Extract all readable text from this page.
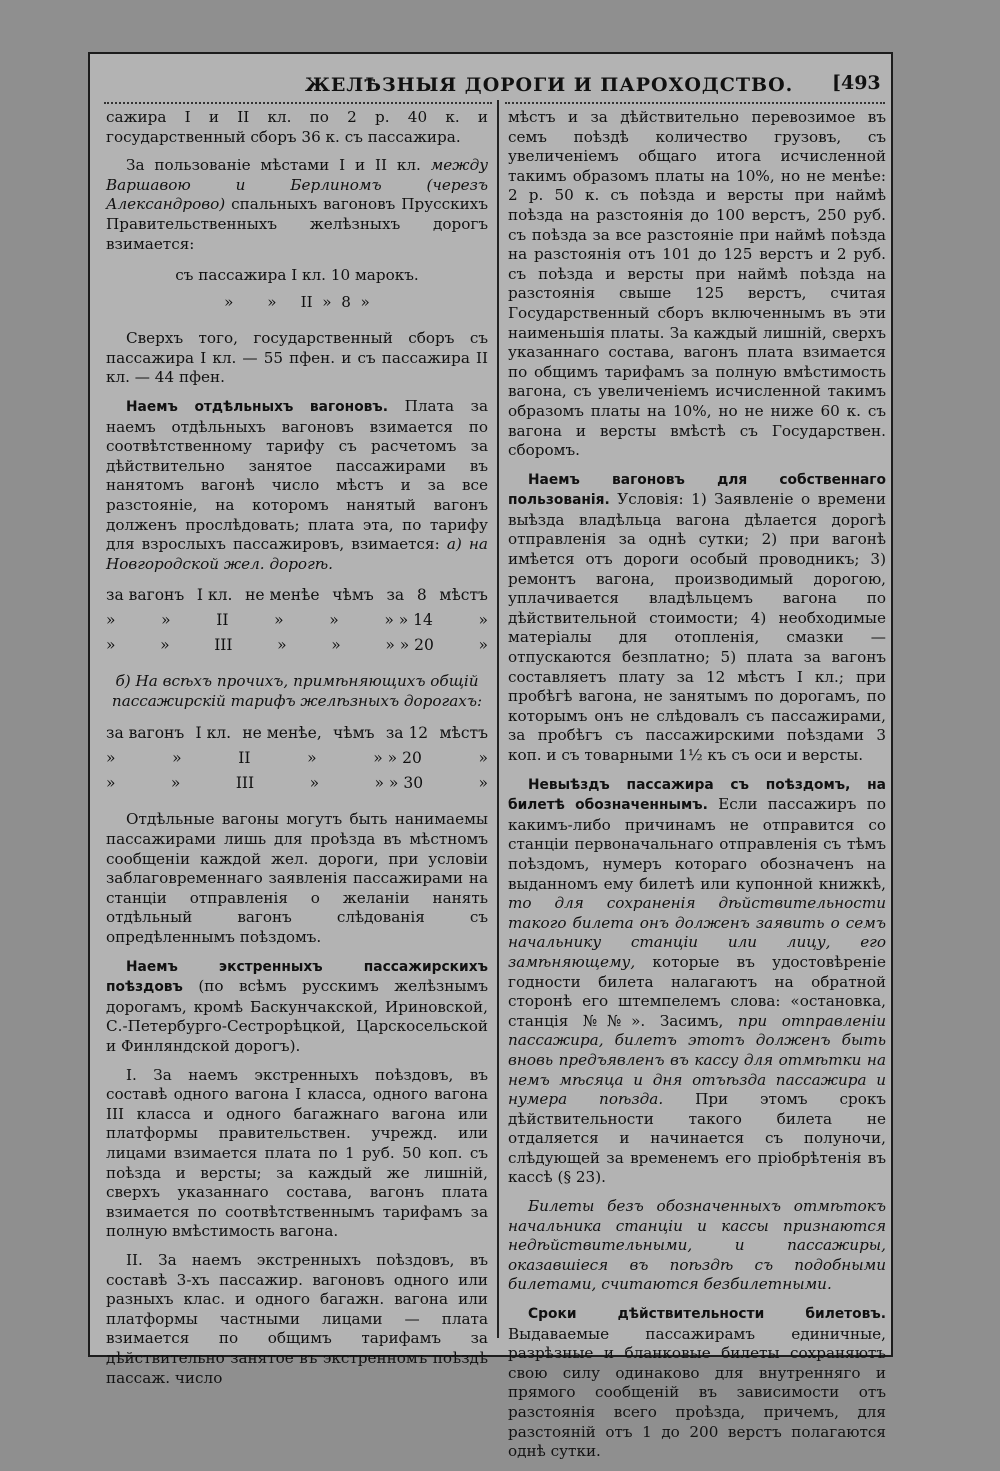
ЖЕЛѢЗНЫЯ ДОРОГИ И ПАРОХОДСТВО. [493

сажира I и II кл. по 2 р. 40 к. и государственный сборъ 36 к. съ пассажира.

За пользованіе мѣстами I и II кл. между Варшавою и Берлиномъ (черезъ Александрово) спальныхъ вагоновъ Прусскихъ Правительственныхъ желѣзныхъ дорогъ взимается:

съ пассажира I кл. 10 марокъ.

»       »     II  »  8  »

Сверхъ того, государственный сборъ съ пассажира I кл. — 55 пфен. и съ пассажира II кл. — 44 пфен.

Наемъ отдѣльныхъ вагоновъ. Плата за наемъ отдѣльныхъ вагоновъ взимается по соотвѣтственному тарифу съ расчетомъ за дѣйствительно занятое пассажирами въ нанятомъ вагонѣ число мѣстъ и за все разстояніе, на которомъ нанятый вагонъ долженъ прослѣдовать; плата эта, по тарифу для взрослыхъ пассажировъ, взимается: а) на Новгородской жел. дорогѣ.

за вагонъ I кл. не менѣе чѣмъ за 8 мѣстъ
»	»	II	»	»	» » 14	»
»	»	III	»	»	» » 20	»

б) На всѣхъ прочихъ, примѣняющихъ общій пассажирскій тарифъ желѣзныхъ дорогахъ:

за вагонъ I кл. не менѣе, чѣмъ за 12 мѣстъ
»	»	II	»	» » 20	»
»	»	III	»	» » 30	»

Отдѣльные вагоны могутъ быть нанимаемы пассажирами лишь для проѣзда въ мѣстномъ сообщеніи каждой жел. дороги, при условіи заблаговременнаго заявленія пассажирами на станціи отправленія о желаніи нанять отдѣльный вагонъ слѣдованія съ опредѣленнымъ поѣздомъ.

Наемъ экстренныхъ пассажирскихъ поѣздовъ (по всѣмъ русскимъ желѣзнымъ дорогамъ, кромѣ Баскунчакской, Ириновской, С.-Петербурго-Сестрорѣцкой, Царскосельской и Финляндской дорогъ).

I. За наемъ экстренныхъ поѣздовъ, въ составѣ одного вагона I класса, одного вагона III класса и одного багажнаго вагона или платформы правительствен. учрежд. или лицами взимается плата по 1 руб. 50 коп. съ поѣзда и версты; за каждый же лишній, сверхъ указаннаго состава, вагонъ плата взимается по соотвѣтственнымъ тарифамъ за полную вмѣстимость вагона.

II. За наемъ экстренныхъ поѣздовъ, въ составѣ 3-хъ пассажир. вагоновъ одного или разныхъ клас. и одного багажн. вагона или платформы частными лицами — плата взимается по общимъ тарифамъ за дѣйствительно занятое въ экстренномъ поѣздѣ пассаж. число

мѣстъ и за дѣйствительно перевозимое въ семъ поѣздѣ количество грузовъ, съ увеличеніемъ общаго итога исчисленной такимъ образомъ платы на 10%, но не менѣе: 2 р. 50 к. съ поѣзда и версты при наймѣ поѣзда на разстоянія до 100 верстъ, 250 руб. съ поѣзда за все разстояніе при наймѣ поѣзда на разстоянія отъ 101 до 125 верстъ и 2 руб. съ поѣзда и версты при наймѣ поѣзда на разстоянія свыше 125 верстъ, считая Государственный сборъ включеннымъ въ эти наименьшія платы. За каждый лишній, сверхъ указаннаго состава, вагонъ плата взимается по общимъ тарифамъ за полную вмѣстимость вагона, съ увеличеніемъ исчисленной такимъ образомъ платы на 10%, но не ниже 60 к. съ вагона и версты вмѣстѣ съ Государствен. сборомъ.

Наемъ вагоновъ для собственнаго пользованія. Условія: 1) Заявленіе о времени выѣзда владѣльца вагона дѣлается дорогѣ отправленія за однѣ сутки; 2) при вагонѣ имѣется отъ дороги особый проводникъ; 3) ремонтъ вагона, производимый дорогою, уплачивается владѣльцемъ вагона по дѣйствительной стоимости; 4) необходимые матеріалы для отопленія, смазки — отпускаются безплатно; 5) плата за вагонъ составляетъ плату за 12 мѣстъ I кл.; при пробѣгѣ вагона, не занятымъ по дорогамъ, по которымъ онъ не слѣдовалъ съ пассажирами, за пробѣгъ съ пассажирскими поѣздами 3 коп. и съ товарными 1½ къ съ оси и версты.

Невыѣздъ пассажира съ поѣздомъ, на билетѣ обозначеннымъ. Если пассажиръ по какимъ-либо причинамъ не отправится со станціи первоначальнаго отправленія съ тѣмъ поѣздомъ, нумеръ котораго обозначенъ на выданномъ ему билетѣ или купонной книжкѣ, то для сохраненія дѣйствительности такого билета онъ долженъ заявить о семъ начальнику станціи или лицу, его замѣняющему, которые въ удостовѣреніе годности билета налагаютъ на обратной сторонѣ его штемпелемъ слова: «остановка, станція №№». Засимъ, при отправленіи пассажира, билетъ этотъ долженъ быть вновь предъявленъ въ кассу для отмѣтки на немъ мѣсяца и дня отъѣзда пассажира и нумера поѣзда. При этомъ срокъ дѣйствительности такого билета не отдаляется и начинается съ полуночи, слѣдующей за временемъ его пріобрѣтенія въ кассѣ (§ 23).

Билеты безъ обозначенныхъ отмѣтокъ начальника станціи и кассы признаются недѣйствительными, и пассажиры, оказавшіеся въ поѣздѣ съ подобными билетами, считаются безбилетными.

Сроки дѣйствительности билетовъ. Выдаваемые пассажирамъ единичные, разрѣзные и бланковые билеты сохраняютъ свою силу одинаково для внутренняго и прямого сообщеній въ зависимости отъ разстоянія всего проѣзда, причемъ, для разстояній отъ 1 до 200 верстъ полагаются однѣ сутки.
